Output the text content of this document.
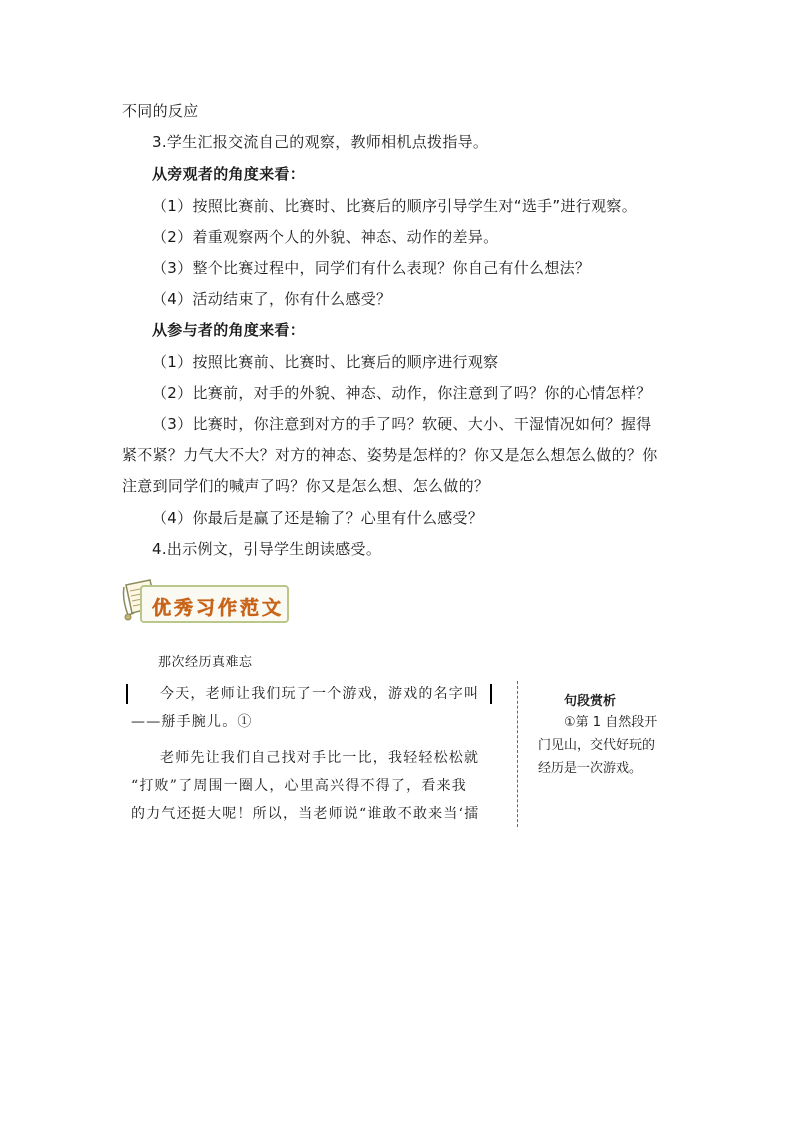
不同的反应
3.学生汇报交流自己的观察，教师相机点拨指导。
从旁观者的角度来看：
（1）按照比赛前、比赛时、比赛后的顺序引导学生对“选手”进行观察。
（2）着重观察两个人的外貌、神态、动作的差异。
（3）整个比赛过程中，同学们有什么表现？你自己有什么想法？
（4）活动结束了，你有什么感受？
从参与者的角度来看：
（1）按照比赛前、比赛时、比赛后的顺序进行观察
（2）比赛前，对手的外貌、神态、动作，你注意到了吗？你的心情怎样？
（3）比赛时，你注意到对方的手了吗？软硬、大小、干湿情况如何？握得
紧不紧？力气大不大？对方的神态、姿势是怎样的？你又是怎么想怎么做的？你
注意到同学们的喊声了吗？你又是怎么想、怎么做的？
（4）你最后是赢了还是输了？心里有什么感受？
4.出示例文，引导学生朗读感受。
优秀习作范文
那次经历真难忘
今天，老师让我们玩了一个游戏，游戏的名字叫
——掰手腕儿。①
老师先让我们自己找对手比一比，我轻轻松松就
“打败”了周围一圈人，心里高兴得不得了，看来我
的力气还挺大呢！所以，当老师说“谁敢不敢来当‘擂
句段赏析
①第 1 自然段开
门见山，交代好玩的
经历是一次游戏。
